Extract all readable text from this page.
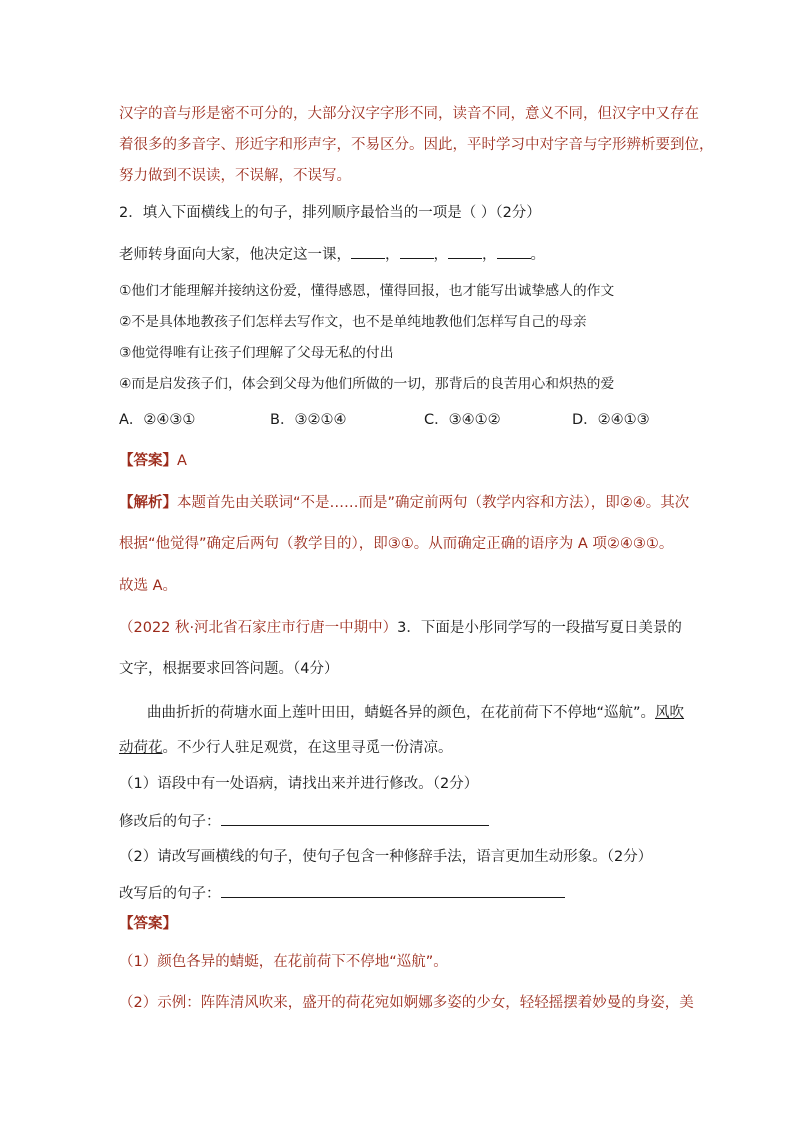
汉字的音与形是密不可分的，大部分汉字字形不同，读音不同，意义不同，但汉字中又存在
着很多的多音字、形近字和形声字，不易区分。因此，平时学习中对字音与字形辨析要到位，
努力做到不误读，不误解，不误写。
2．填入下面横线上的句子，排列顺序最恰当的一项是（ ）（2分）
老师转身面向大家，他决定这一课， ， ， ， 。
①他们才能理解并接纳这份爱，懂得感恩，懂得回报，也才能写出诚挚感人的作文
②不是具体地教孩子们怎样去写作文，也不是单纯地教他们怎样写自己的母亲
③他觉得唯有让孩子们理解了父母无私的付出
④而是启发孩子们，体会到父母为他们所做的一切，那背后的良苦用心和炽热的爱
A．②④③①	B．③②①④	C．③④①②	D．②④①③
【答案】A
【解析】本题首先由关联词“不是……而是”确定前两句（教学内容和方法），即②④。其次
根据“他觉得”确定后两句（教学目的），即③①。从而确定正确的语序为 A 项②④③①。
故选 A。
（2022 秋·河北省石家庄市行唐一中期中）3．下面是小彤同学写的一段描写夏日美景的
文字，根据要求回答问题。（4分）
曲曲折折的荷塘水面上莲叶田田，蜻蜓各异的颜色，在花前荷下不停地“巡航”。风吹
动荷花。不少行人驻足观赏，在这里寻觅一份清凉。
（1）语段中有一处语病，请找出来并进行修改。（2分）
修改后的句子：
（2）请改写画横线的句子，使句子包含一种修辞手法，语言更加生动形象。（2分）
改写后的句子：
【答案】
（1）颜色各异的蜻蜓，在花前荷下不停地“巡航”。
（2）示例：阵阵清风吹来，盛开的荷花宛如婀娜多姿的少女，轻轻摇摆着妙曼的身姿，美
